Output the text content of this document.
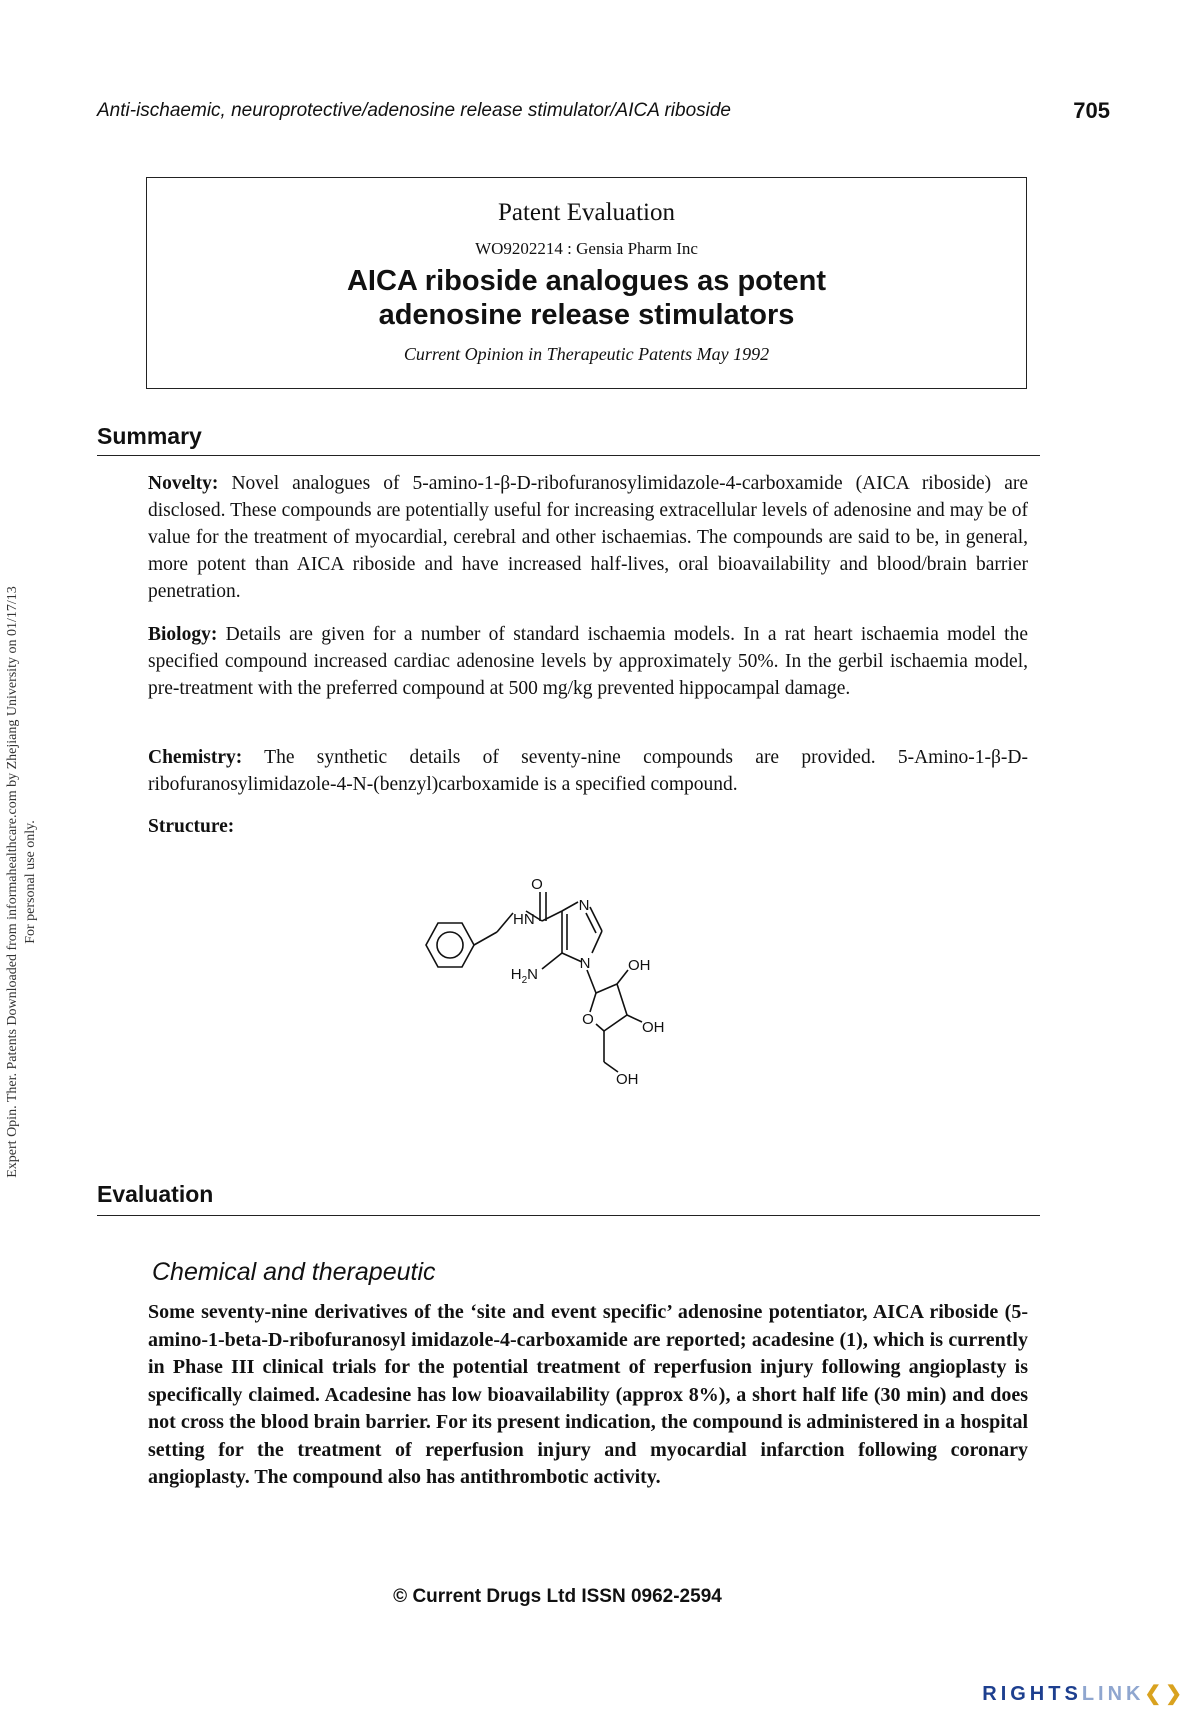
Expert Opin. Ther. Patents Downloaded from informahealthcare.com by Zhejiang University on 01/17/13 For personal use only.
Anti-ischaemic, neuroprotective/adenosine release stimulator/AICA riboside	705
Patent Evaluation
WO9202214 : Gensia Pharm Inc
AICA riboside analogues as potent
adenosine release stimulators
Current Opinion in Therapeutic Patents May 1992
Summary

Novelty: Novel analogues of 5-amino-1-β-D-ribofuranosylimidazole-4-carboxamide (AICA riboside) are disclosed. These compounds are potentially useful for increasing extracellular levels of adenosine and may be of value for the treatment of myocardial, cerebral and other ischaemias. The compounds are said to be, in general, more potent than AICA riboside and have increased half-lives, oral bioavailability and blood/brain barrier penetration.

Biology: Details are given for a number of standard ischaemia models. In a rat heart ischaemia model the specified compound increased cardiac adenosine levels by approximately 50%. In the gerbil ischaemia model, pre-treatment with the preferred compound at 500 mg/kg prevented hippocampal damage.

Chemistry: The synthetic details of seventy-nine compounds are provided. 5-Amino-1-β-D-ribofuranosylimidazole-4-N-(benzyl)carboxamide is a specified compound.

Structure:

O
HN
N
N
$H_2N$
O
OH
OH
OH
Evaluation
Chemical and therapeutic

Some seventy-nine derivatives of the ‘site and event specific’ adenosine potentiator, AICA riboside (5-amino-1-beta-D-ribofuranosyl imidazole-4-carboxamide are reported; acadesine (1), which is currently in Phase III clinical trials for the potential treatment of reperfusion injury following angioplasty is specifically claimed. Acadesine has low bioavailability (approx 8%), a short half life (30 min) and does not cross the blood brain barrier. For its present indication, the compound is administered in a hospital setting for the treatment of reperfusion injury and myocardial infarction following coronary angioplasty. The compound also has antithrombotic activity.

© Current Drugs Ltd ISSN 0962-2594
RIGHTSLINK❮❯
